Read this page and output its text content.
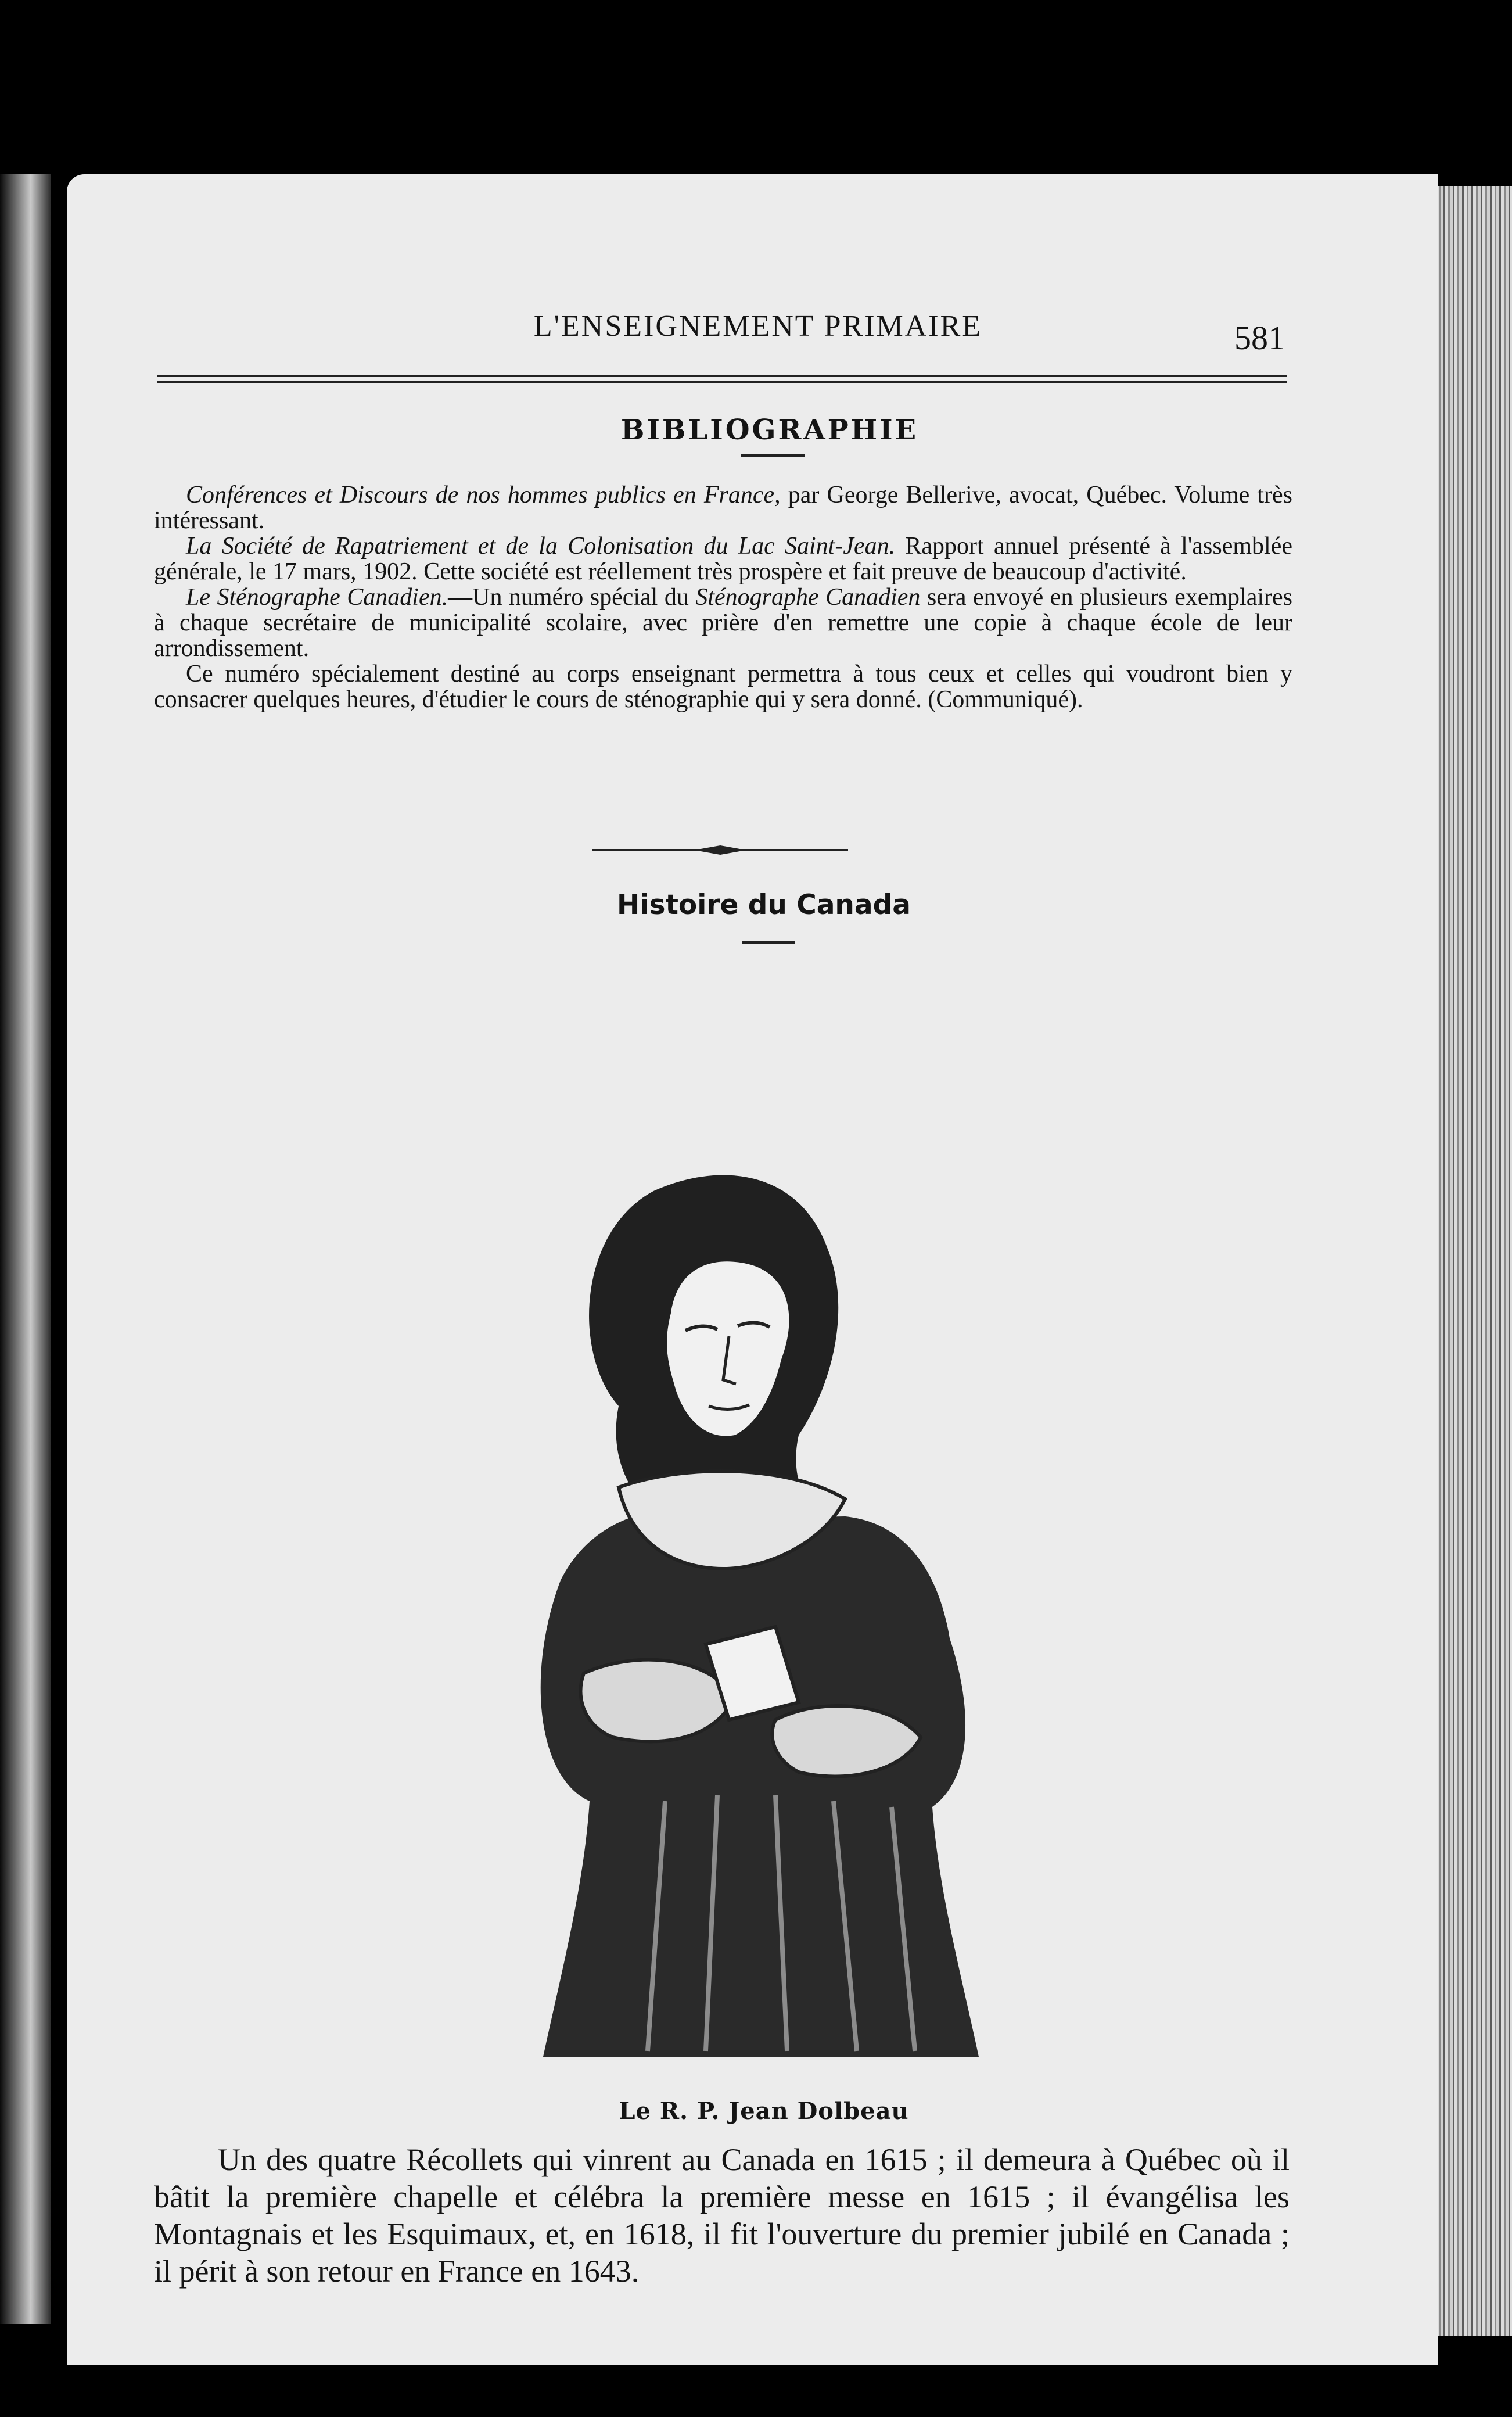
L'ENSEIGNEMENT PRIMAIRE	581
BIBLIOGRAPHIE

Conférences et Discours de nos hommes publics en France, par George Bellerive, avocat, Québec. Volume très intéressant.

La Société de Rapatriement et de la Colonisation du Lac Saint-Jean. Rapport annuel présenté à l'assemblée générale, le 17 mars, 1902. Cette société est réellement très prospère et fait preuve de beaucoup d'activité.

Le Sténographe Canadien.—Un numéro spécial du Sténographe Canadien sera envoyé en plusieurs exemplaires à chaque secrétaire de municipalité scolaire, avec prière d'en remettre une copie à chaque école de leur arrondissement.

Ce numéro spécialement destiné au corps enseignant permettra à tous ceux et celles qui voudront bien y consacrer quelques heures, d'étudier le cours de sténographie qui y sera donné. (Communiqué).

Histoire du Canada
Le R. P. Jean Dolbeau

Un des quatre Récollets qui vinrent au Canada en 1615 ; il demeura à Québec où il bâtit la première chapelle et célébra la première messe en 1615 ; il évangélisa les Montagnais et les Esquimaux, et, en 1618, il fit l'ouverture du premier jubilé en Canada ; il périt à son retour en France en 1643.
